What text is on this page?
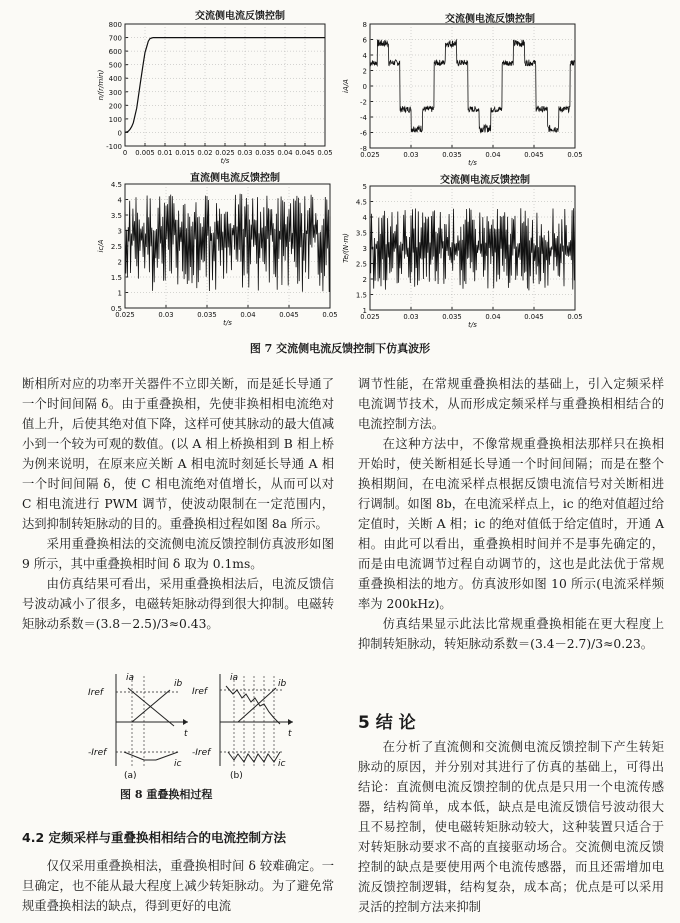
交流侧电流反馈控制
800
700
600
500
400
300
200
100
0
-100
0 0.005 0.01 0.015 0.02 0.025 0.03 0.035 0.04 0.045 0.05
t/s
n/(r/min)
交流侧电流反馈控制
8
6
4
2
0
-2
-4
-6
-8
0.025	0.03	0.035	0.04	0.045	0.05
t/s
iA/A
直流侧电流反馈控制
4.5
4
3.5
3
2.5
2
1.5
1
0.5
0.025	0.03	0.035	0.04	0.045	0.05
t/s
ic/A
交流侧电流反馈控制
5
4.5
4
3.5
3
2.5
2
1.5
1
0.025	0.03	0.035	0.04	0.045	0.05
t/s
Te/(N·m)
图 7 交流侧电流反馈控制下仿真波形

断相所对应的功率开关器件不立即关断，而是延长导通了一个时间间隔 δ。由于重叠换相，先使非换相相电流绝对值上升，后使其绝对值下降，这样可使其脉动的最大值减小到一个较为可观的数值。(以 A 相上桥换相到 B 相上桥为例来说明，在原来应关断 A 相电流时刻延长导通 A 相一个时间间隔 δ，使 C 相电流绝对值增长，从而可以对 C 相电流进行 PWM 调节，使波动限制在一定范围内，达到抑制转矩脉动的目的。重叠换相过程如图 8a 所示。

采用重叠换相法的交流侧电流反馈控制仿真波形如图 9 所示，其中重叠换相时间 δ 取为 0.1ms。

由仿真结果可看出，采用重叠换相法后，电流反馈信号波动减小了很多，电磁转矩脉动得到很大抑制。电磁转矩脉动系数＝(3.8－2.5)/3≈0.43。

Iref
-Iref
ia
ib
ic
t
Iref
-Iref
ia
ib
ic
t
(a)	(b)
图 8 重叠换相过程
4.2 定频采样与重叠换相相结合的电流控制方法

仅仅采用重叠换相法，重叠换相时间 δ 较难确定。一旦确定，也不能从最大程度上减少转矩脉动。为了避免常规重叠换相法的缺点，得到更好的电流

调节性能，在常规重叠换相法的基础上，引入定频采样电流调节技术，从而形成定频采样与重叠换相相结合的电流控制方法。

在这种方法中，不像常规重叠换相法那样只在换相开始时，使关断相延长导通一个时间间隔；而是在整个换相期间，在电流采样点根据反馈电流信号对关断相进行调制。如图 8b，在电流采样点上，ic 的绝对值超过给定值时，关断 A 相；ic 的绝对值低于给定值时，开通 A 相。由此可以看出，重叠换相时间并不是事先确定的，而是由电流调节过程自动调节的，这也是此法优于常规重叠换相法的地方。仿真波形如图 10 所示(电流采样频率为 200kHz)。

仿真结果显示此法比常规重叠换相能在更大程度上抑制转矩脉动，转矩脉动系数＝(3.4－2.7)/3≈0.23。

5 结 论

在分析了直流侧和交流侧电流反馈控制下产生转矩脉动的原因，并分别对其进行了仿真的基础上，可得出结论：直流侧电流反馈控制的优点是只用一个电流传感器，结构简单，成本低，缺点是电流反馈信号波动很大且不易控制，使电磁转矩脉动较大，这种装置只适合于对转矩脉动要求不高的直接驱动场合。交流侧电流反馈控制的缺点是要使用两个电流传感器，而且还需增加电流反馈控制逻辑，结构复杂，成本高；优点是可以采用灵活的控制方法来抑制
